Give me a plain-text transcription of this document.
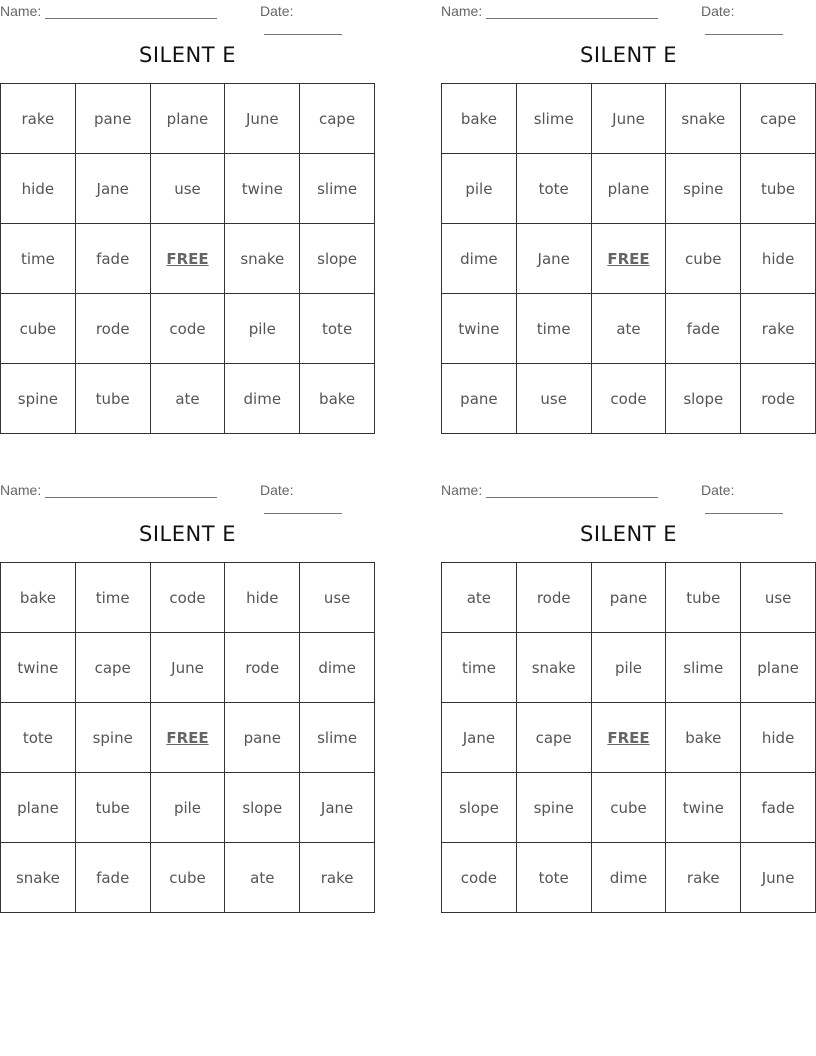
Name:	Date:
SILENT E
rake	pane	plane	June	cape
hide	Jane	use	twine	slime
time	fade	FREE	snake	slope
cube	rode	code	pile	tote
spine	tube	ate	dime	bake
Name:	Date:
SILENT E
bake	slime	June	snake	cape
pile	tote	plane	spine	tube
dime	Jane	FREE	cube	hide
twine	time	ate	fade	rake
pane	use	code	slope	rode
Name:	Date:
SILENT E
bake	time	code	hide	use
twine	cape	June	rode	dime
tote	spine	FREE	pane	slime
plane	tube	pile	slope	Jane
snake	fade	cube	ate	rake
Name:	Date:
SILENT E
ate	rode	pane	tube	use
time	snake	pile	slime	plane
Jane	cape	FREE	bake	hide
slope	spine	cube	twine	fade
code	tote	dime	rake	June
